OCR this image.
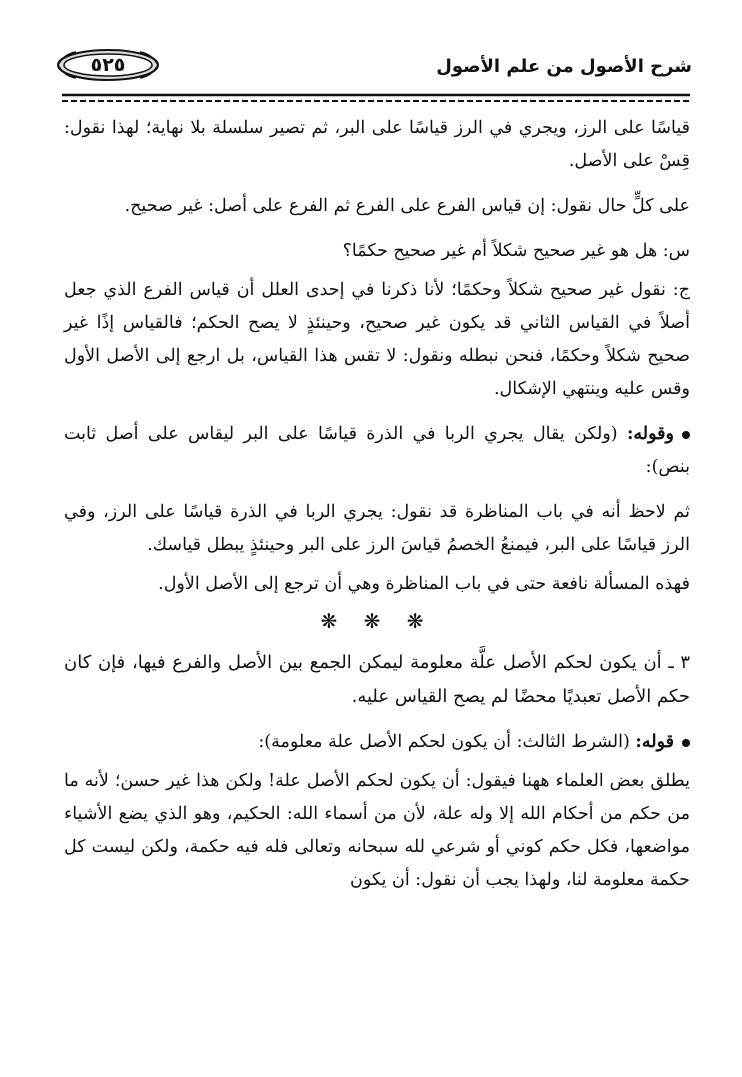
٥٢٥	شرح الأصول من علم الأصول

قياسًا على الرز، ويجري في الرز قياسًا على البر، ثم تصير سلسلة بلا نهاية؛ لهذا نقول: قِسْ على الأصل.

على كلٍّ حال نقول: إن قياس الفرع على الفرع ثم الفرع على أصل: غير صحيح.

س: هل هو غير صحيح شكلاً أم غير صحيح حكمًا؟

ج: نقول غير صحيح شكلاً وحكمًا؛ لأنا ذكرنا في إحدى العلل أن قياس الفرع الذي جعل أصلاً في القياس الثاني قد يكون غير صحيح، وحينئذٍ لا يصح الحكم؛ فالقياس إذًا غير صحيح شكلاً وحكمًا، فنحن نبطله ونقول: لا تقس هذا القياس، بل ارجع إلى الأصل الأول وقس عليه وينتهي الإشكال.

وقوله: (ولكن يقال يجري الربا في الذرة قياسًا على البر ليقاس على أصل ثابت بنص):

ثم لاحظ أنه في باب المناظرة قد نقول: يجري الربا في الذرة قياسًا على الرز، وفي الرز قياسًا على البر، فيمنعُ الخصمُ قياسَ الرز على البر وحينئذٍ يبطل قياسك.

فهذه المسألة نافعة حتى في باب المناظرة وهي أن ترجع إلى الأصل الأول.

❋ ❋ ❋

٣ ـ أن يكون لحكم الأصل علَّة معلومة ليمكن الجمع بين الأصل والفرع فيها، فإن كان حكم الأصل تعبديًا محضًا لم يصح القياس عليه.

قوله: (الشرط الثالث: أن يكون لحكم الأصل علة معلومة):

يطلق بعض العلماء ههنا فيقول: أن يكون لحكم الأصل علة! ولكن هذا غير حسن؛ لأنه ما من حكم من أحكام الله إلا وله علة، لأن من أسماء الله: الحكيم، وهو الذي يضع الأشياء مواضعها، فكل حكم كوني أو شرعي لله سبحانه وتعالى فله فيه حكمة، ولكن ليست كل حكمة معلومة لنا، ولهذا يجب أن نقول: أن يكون
